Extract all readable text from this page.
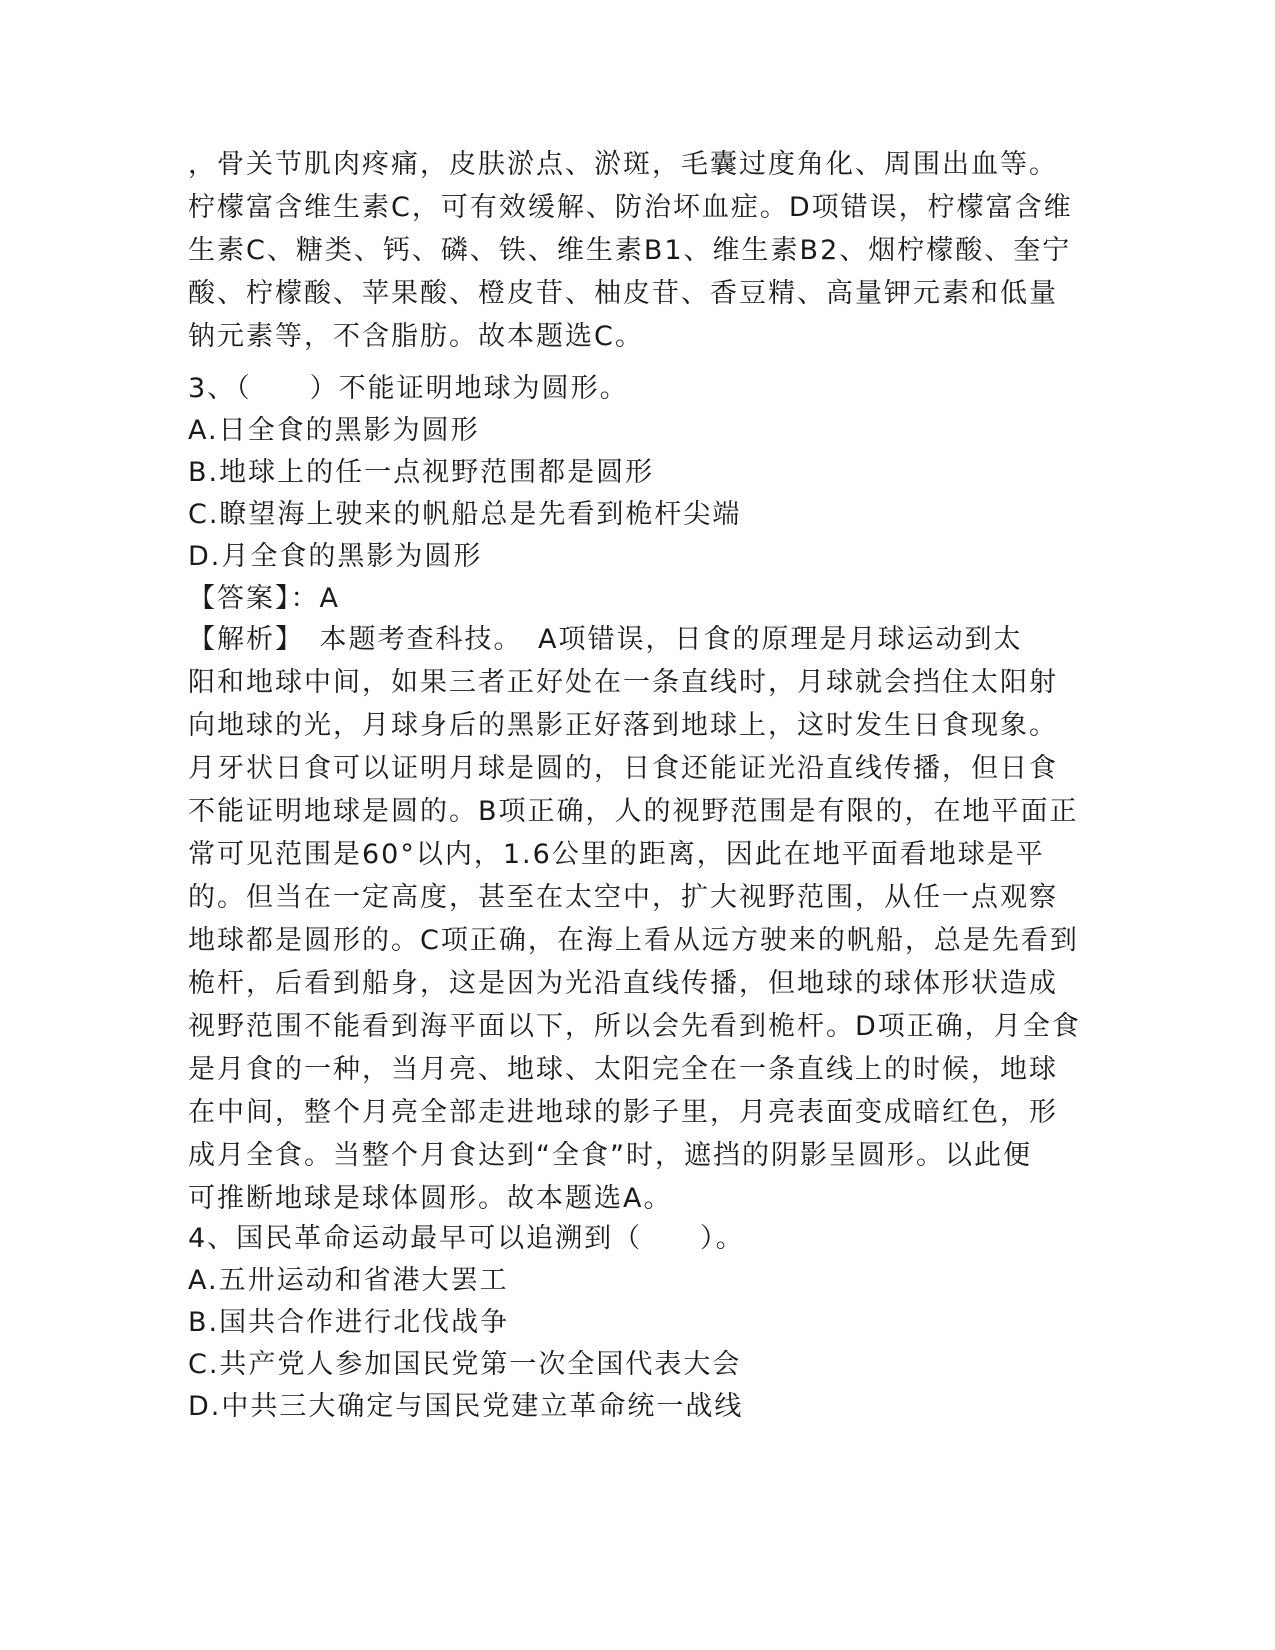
，骨关节肌肉疼痛，皮肤淤点、淤斑，毛囊过度角化、周围出血等。

柠檬富含维生素C，可有效缓解、防治坏血症。D项错误，柠檬富含维

生素C、糖类、钙、磷、铁、维生素B1、维生素B2、烟柠檬酸、奎宁

酸、柠檬酸、苹果酸、橙皮苷、柚皮苷、香豆精、高量钾元素和低量

钠元素等，不含脂肪。故本题选C。

3、（　　）不能证明地球为圆形。

A.日全食的黑影为圆形

B.地球上的任一点视野范围都是圆形

C.瞭望海上驶来的帆船总是先看到桅杆尖端

D.月全食的黑影为圆形

【答案】：A

【解析】　本题考查科技。　A项错误，日食的原理是月球运动到太

阳和地球中间，如果三者正好处在一条直线时，月球就会挡住太阳射

向地球的光，月球身后的黑影正好落到地球上，这时发生日食现象。

月牙状日食可以证明月球是圆的，日食还能证光沿直线传播，但日食

不能证明地球是圆的。B项正确，人的视野范围是有限的，在地平面正

常可见范围是60°以内，1.6公里的距离，因此在地平面看地球是平

的。但当在一定高度，甚至在太空中，扩大视野范围，从任一点观察

地球都是圆形的。C项正确，在海上看从远方驶来的帆船，总是先看到

桅杆，后看到船身，这是因为光沿直线传播，但地球的球体形状造成

视野范围不能看到海平面以下，所以会先看到桅杆。D项正确，月全食

是月食的一种，当月亮、地球、太阳完全在一条直线上的时候，地球

在中间，整个月亮全部走进地球的影子里，月亮表面变成暗红色，形

成月全食。当整个月食达到“全食”时，遮挡的阴影呈圆形。以此便

可推断地球是球体圆形。故本题选A。

4、国民革命运动最早可以追溯到（　　）。

A.五卅运动和省港大罢工

B.国共合作进行北伐战争

C.共产党人参加国民党第一次全国代表大会

D.中共三大确定与国民党建立革命统一战线
